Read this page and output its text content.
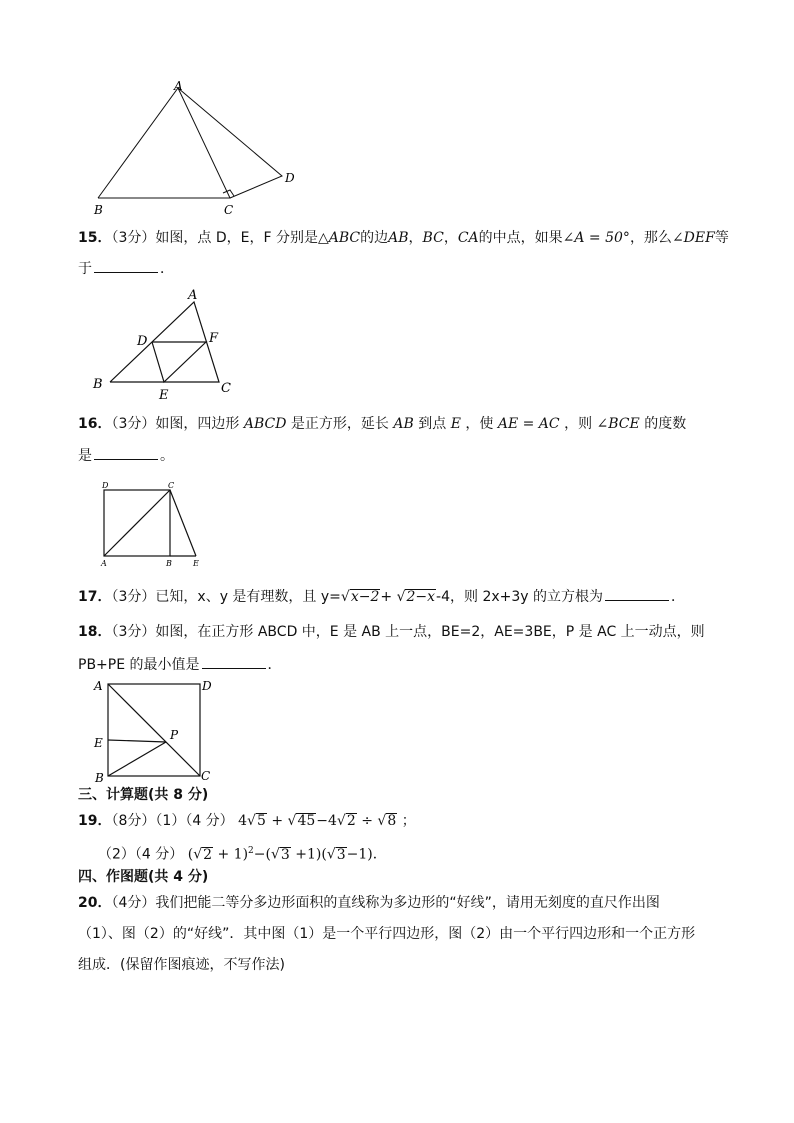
A
B	C
D
15．（3分）如图，点 D，E，F 分别是△ABC的边AB，BC，CA的中点，如果∠A = 50°，那么∠DEF等
于	．
A
B	C
D
E
F
16．（3分）如图，四边形 ABCD 是正方形，延长 AB 到点 E ，使 AE = AC ，则 ∠BCE 的度数
是	。
D	C
A	B	E
17．（3分）已知，x、y 是有理数，且 y=√x−2+ √2−x-4，则 2x+3y 的立方根为	．
18．（3分）如图，在正方形 ABCD 中，E 是 AB 上一点，BE=2，AE=3BE，P 是 AC 上一动点，则
PB+PE 的最小值是	．
A	D
E
P
B	C
三、计算题(共 8 分)
19．（8分）（1）（4 分） 4√5 + √45−4√2 ÷ √8 ；
（2）（4 分） $(√2 + 1)^2-(√3 +1)(√3-1)$．
四、作图题(共 4 分)
20．（4分）我们把能二等分多边形面积的直线称为多边形的“好线”，请用无刻度的直尺作出图
（1）、图（2）的“好线”．其中图（1）是一个平行四边形，图（2）由一个平行四边形和一个正方形
组成．(保留作图痕迹，不写作法)
